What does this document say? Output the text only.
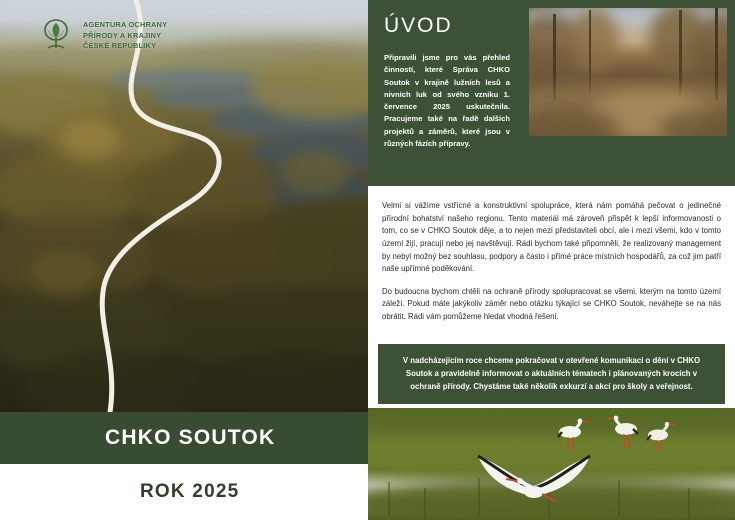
AGENTURA OCHRANY
PŘÍRODY A KRAJINY
ČESKÉ REPUBLIKY
CHKO SOUTOK
ROK 2025
ÚVOD
Připravili jsme pro vás přehled činností, které Správa CHKO Soutok v krajině lužních lesů a nivních luk od svého vzniku 1. července 2025 uskutečnila. Pracujeme také na řadě dalších projektů a záměrů, které jsou v různých fázích přípravy.

Velmi si vážíme vstřícné a konstruktivní spolupráce, která nám pomáhá pečovat o jedinečné přírodní bohatství našeho regionu. Tento materiál má zároveň přispět k lepší informovanosti o tom, co se v CHKO Soutok děje, a to nejen mezi představiteli obcí, ale i mezi všemi, kdo v tomto území žijí, pracují nebo jej navštěvují. Rádi bychom také připomněli, že realizovaný management by nebyl možný bez souhlasu, podpory a často i přímé práce místních hospodářů, za což jim patří naše upřímné poděkování.

Do budoucna bychom chtěli na ochraně přírody spolupracovat se všemi, kterým na tomto území záleží. Pokud máte jakýkoliv záměr nebo otázku týkající se CHKO Soutok, neváhejte se na nás obrátit. Rádi vám pomůžeme hledat vhodná řešení.

V nadcházejícím roce chceme pokračovat v otevřené komunikaci o dění v CHKO Soutok a pravidelně informovat o aktuálních tématech i plánovaných krocích v ochraně přírody. Chystáme také několik exkurzí a akcí pro školy a veřejnost.
